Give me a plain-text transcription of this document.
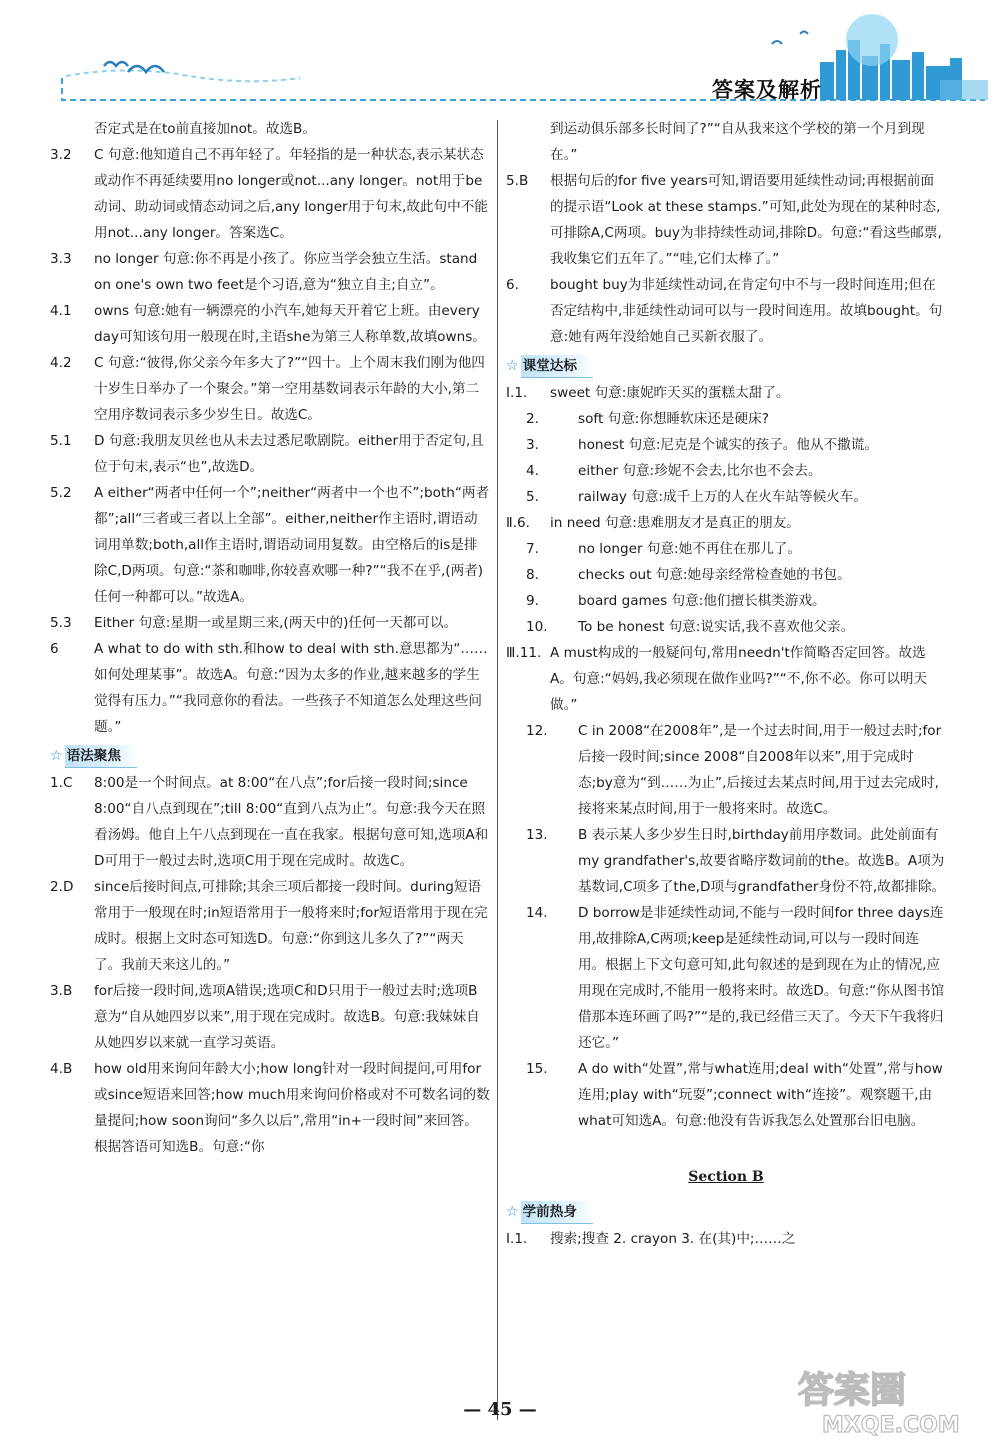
答案及解析
否定式是在to前直接加not。故选B。
3.2 C 句意:他知道自己不再年轻了。年轻指的是一种状态,表示某状态或动作不再延续要用no longer或not...any longer。not用于be动词、助动词或情态动词之后,any longer用于句末,故此句中不能用not...any longer。答案选C。
3.3 no longer 句意:你不再是小孩了。你应当学会独立生活。stand on one's own two feet是个习语,意为“独立自主;自立”。
4.1 owns 句意:她有一辆漂亮的小汽车,她每天开着它上班。由every day可知该句用一般现在时,主语she为第三人称单数,故填owns。
4.2 C 句意:“彼得,你父亲今年多大了?”“四十。上个周末我们刚为他四十岁生日举办了一个聚会。”第一空用基数词表示年龄的大小,第二空用序数词表示多少岁生日。故选C。
5.1 D 句意:我朋友贝丝也从未去过悉尼歌剧院。either用于否定句,且位于句末,表示“也”,故选D。
5.2 A either“两者中任何一个”;neither“两者中一个也不”;both“两者都”;all“三者或三者以上全部”。either,neither作主语时,谓语动词用单数;both,all作主语时,谓语动词用复数。由空格后的is是排除C,D两项。句意:“茶和咖啡,你较喜欢哪一种?”“我不在乎,(两者)任何一种都可以。”故选A。
5.3 Either 句意:星期一或星期三来,(两天中的)任何一天都可以。
6	A what to do with sth.和how to deal with sth.意思都为“……如何处理某事”。故选A。句意:“因为太多的作业,越来越多的学生觉得有压力。”“我同意你的看法。一些孩子不知道怎么处理这些问题。”
☆ 语法聚焦
1.C 8:00是一个时间点。at 8:00“在八点”;for后接一段时间;since 8:00“自八点到现在”;till 8:00“直到八点为止”。句意:我今天在照看汤姆。他自上午八点到现在一直在我家。根据句意可知,选项A和D可用于一般过去时,选项C用于现在完成时。故选C。
2.D since后接时间点,可排除;其余三项后都接一段时间。during短语常用于一般现在时;in短语常用于一般将来时;for短语常用于现在完成时。根据上文时态可知选D。句意:“你到这儿多久了?”“两天了。我前天来这儿的。”
3.B for后接一段时间,选项A错误;选项C和D只用于一般过去时;选项B意为“自从她四岁以来”,用于现在完成时。故选B。句意:我妹妹自从她四岁以来就一直学习英语。
4.B how old用来询问年龄大小;how long针对一段时间提问,可用for或since短语来回答;how much用来询问价格或对不可数名词的数量提问;how soon询问“多久以后”,常用“in+一段时间”来回答。根据答语可知选B。句意:“你
到运动俱乐部多长时间了?”“自从我来这个学校的第一个月到现在。”
5.B 根据句后的for five years可知,谓语要用延续性动词;再根据前面的提示语“Look at these stamps.”可知,此处为现在的某种时态,可排除A,C两项。buy为非持续性动词,排除D。句意:“看这些邮票,我收集它们五年了。”“哇,它们太棒了。”
6. bought buy为非延续性动词,在肯定句中不与一段时间连用;但在否定结构中,非延续性动词可以与一段时间连用。故填bought。句意:她有两年没给她自己买新衣服了。
☆ 课堂达标
Ⅰ.1. sweet 句意:康妮昨天买的蛋糕太甜了。
2.	soft 句意:你想睡软床还是硬床?
3.	honest 句意:尼克是个诚实的孩子。他从不撒谎。
4.	either 句意:珍妮不会去,比尔也不会去。
5.	railway 句意:成千上万的人在火车站等候火车。
Ⅱ.6. in need 句意:患难朋友才是真正的朋友。
7.	no longer 句意:她不再住在那儿了。
8.	checks out 句意:她母亲经常检查她的书包。
9.	board games 句意:他们擅长棋类游戏。
10. To be honest 句意:说实话,我不喜欢他父亲。
Ⅲ.11. A must构成的一般疑问句,常用needn't作简略否定回答。故选A。句意:“妈妈,我必须现在做作业吗?”“不,你不必。你可以明天做。”
12. C in 2008“在2008年”,是一个过去时间,用于一般过去时;for后接一段时间;since 2008“自2008年以来”,用于完成时态;by意为“到……为止”,后接过去某点时间,用于过去完成时,接将来某点时间,用于一般将来时。故选C。
13. B 表示某人多少岁生日时,birthday前用序数词。此处前面有my grandfather's,故要省略序数词前的the。故选B。A项为基数词,C项多了the,D项与grandfather身份不符,故都排除。
14. D borrow是非延续性动词,不能与一段时间for three days连用,故排除A,C两项;keep是延续性动词,可以与一段时间连用。根据上下文句意可知,此句叙述的是到现在为止的情况,应用现在完成时,不能用一般将来时。故选D。句意:“你从图书馆借那本连环画了吗?”“是的,我已经借三天了。今天下午我将归还它。”
15. A do with“处置”,常与what连用;deal with“处置”,常与how连用;play with“玩耍”;connect with“连接”。观察题干,由what可知选A。句意:他没有告诉我怎么处置那台旧电脑。
Section B
☆ 学前热身
Ⅰ.1. 搜索;搜查 2. crayon 3. 在(其)中;……之
— 45 —	答案圈
MXQE.COM
